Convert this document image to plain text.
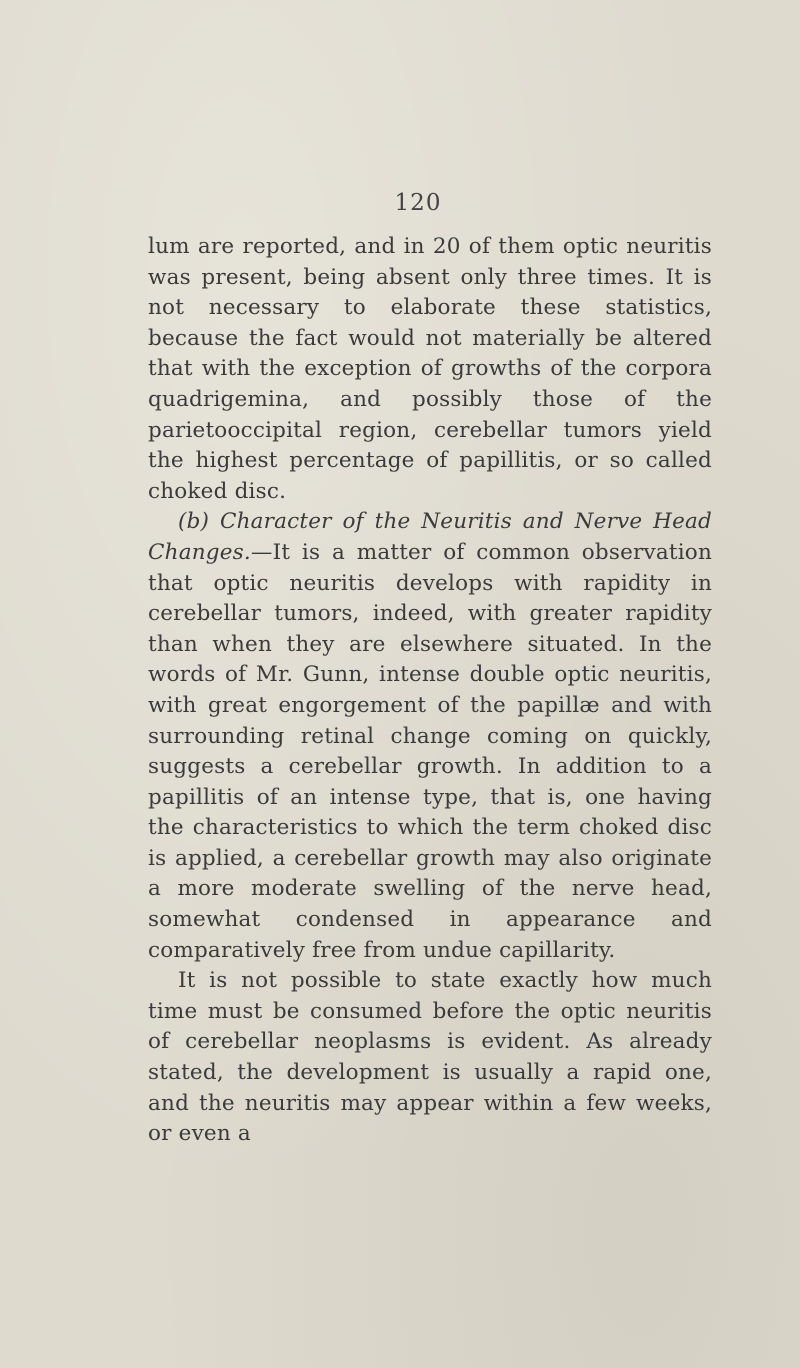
120

lum are reported, and in 20 of them optic neuritis was present, being absent only three times. It is not necessary to elaborate these statistics, because the fact would not materially be altered that with the exception of growths of the corpora quadrigemina, and possibly those of the parietooccipital region, cerebellar tumors yield the highest percentage of papillitis, or so called choked disc.

(b) Character of the Neuritis and Nerve Head Changes.—It is a matter of common observation that optic neuritis develops with rapidity in cerebellar tumors, indeed, with greater rapidity than when they are elsewhere situated. In the words of Mr. Gunn, intense double optic neuritis, with great engorgement of the papillæ and with surrounding retinal change coming on quickly, suggests a cerebellar growth. In addition to a papillitis of an intense type, that is, one having the characteristics to which the term choked disc is applied, a cerebellar growth may also originate a more moderate swelling of the nerve head, somewhat condensed in appearance and comparatively free from undue capillarity.

It is not possible to state exactly how much time must be consumed before the optic neuritis of cerebellar neoplasms is evident. As already stated, the development is usually a rapid one, and the neuritis may appear within a few weeks, or even a
